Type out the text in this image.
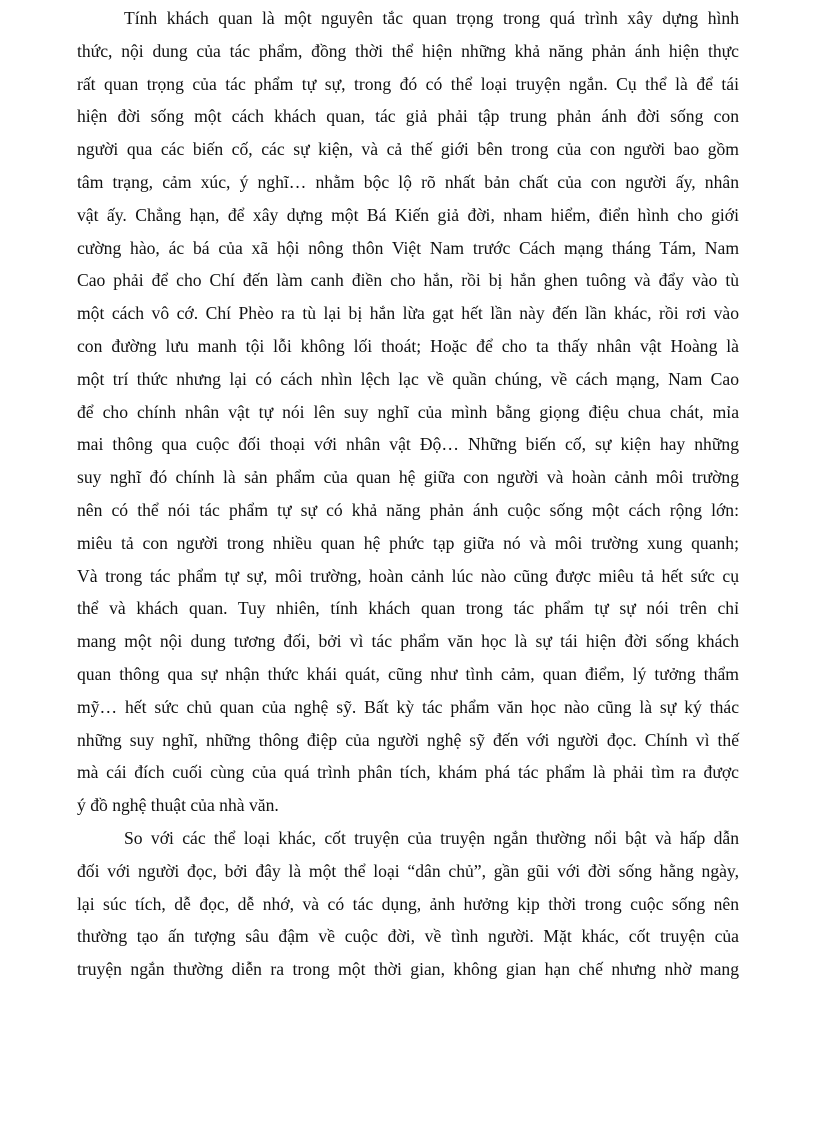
Tính khách quan là một nguyên tắc quan trọng trong quá trình xây dựng hình
thức, nội dung của tác phẩm, đồng thời thể hiện những khả năng phản ánh hiện thực
rất quan trọng của tác phẩm tự sự, trong đó có thể loại truyện ngắn. Cụ thể là để tái
hiện đời sống một cách khách quan, tác giả phải tập trung phản ánh đời sống con
người qua các biến cố, các sự kiện, và cả thế giới bên trong của con người bao gồm
tâm trạng, cảm xúc, ý nghĩ… nhằm bộc lộ rõ nhất bản chất của con người ấy, nhân
vật ấy. Chẳng hạn, để xây dựng một Bá Kiến giả đời, nham hiểm, điển hình cho giới
cường hào, ác bá của xã hội nông thôn Việt Nam trước Cách mạng tháng Tám, Nam
Cao phải để cho Chí đến làm canh điền cho hắn, rồi bị hắn ghen tuông và đẩy vào tù
một cách vô cớ. Chí Phèo ra tù lại bị hắn lừa gạt hết lần này đến lần khác, rồi rơi vào
con đường lưu manh tội lỗi không lối thoát; Hoặc để cho ta thấy nhân vật Hoàng là
một trí thức nhưng lại có cách nhìn lệch lạc về quần chúng, về cách mạng, Nam Cao
để cho chính nhân vật tự nói lên suy nghĩ của mình bằng giọng điệu chua chát, mỉa
mai thông qua cuộc đối thoại với nhân vật Độ… Những biến cố, sự kiện hay những
suy nghĩ đó chính là sản phẩm của quan hệ giữa con người và hoàn cảnh môi trường
nên có thể nói tác phẩm tự sự có khả năng phản ánh cuộc sống một cách rộng lớn:
miêu tả con người trong nhiều quan hệ phức tạp giữa nó và môi trường xung quanh;
Và trong tác phẩm tự sự, môi trường, hoàn cảnh lúc nào cũng được miêu tả hết sức cụ
thể và khách quan. Tuy nhiên, tính khách quan trong tác phẩm tự sự nói trên chỉ
mang một nội dung tương đối, bởi vì tác phẩm văn học là sự tái hiện đời sống khách
quan thông qua sự nhận thức khái quát, cũng như tình cảm, quan điểm, lý tưởng thẩm
mỹ… hết sức chủ quan của nghệ sỹ. Bất kỳ tác phẩm văn học nào cũng là sự ký thác
những suy nghĩ, những thông điệp của người nghệ sỹ đến với người đọc. Chính vì thế
mà cái đích cuối cùng của quá trình phân tích, khám phá tác phẩm là phải tìm ra được
ý đồ nghệ thuật của nhà văn.
So với các thể loại khác, cốt truyện của truyện ngắn thường nổi bật và hấp dẫn
đối với người đọc, bởi đây là một thể loại “dân chủ”, gần gũi với đời sống hằng ngày,
lại súc tích, dễ đọc, dễ nhớ, và có tác dụng, ảnh hưởng kịp thời trong cuộc sống nên
thường tạo ấn tượng sâu đậm về cuộc đời, về tình người. Mặt khác, cốt truyện của
truyện ngắn thường diễn ra trong một thời gian, không gian hạn chế nhưng nhờ mang
